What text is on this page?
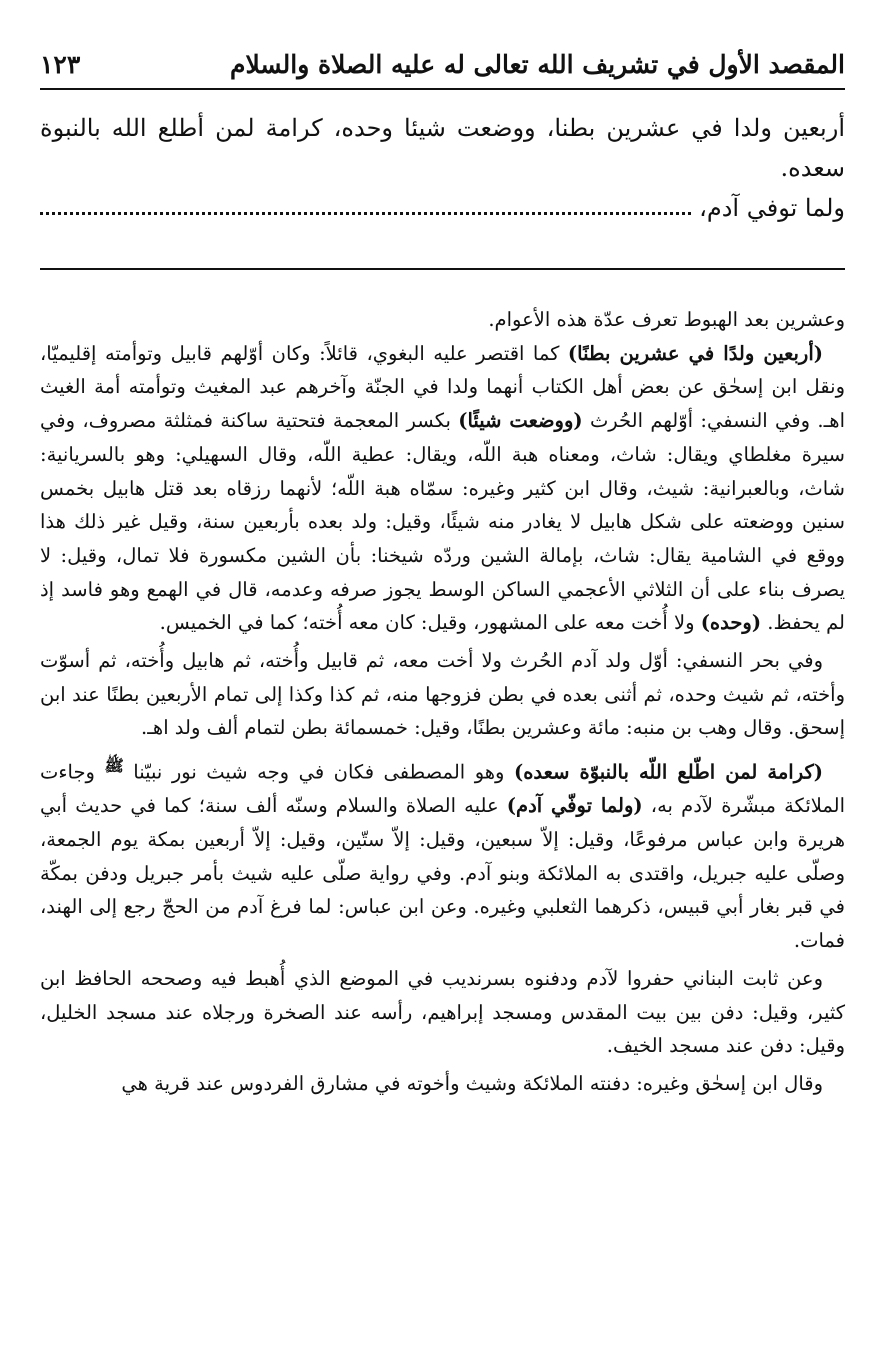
المقصد الأول في تشريف الله تعالى له عليه الصلاة والسلام
١٢٣

أربعين ولدا في عشرين بطنا، ووضعت شيئا وحده، كرامة لمن أطلع الله بالنبوة سعده.

ولما توفي آدم،

وعشرين بعد الهبوط تعرف عدّة هذه الأعوام.

(أربعين ولدًا في عشرين بطنًا) كما اقتصر عليه البغوي، قائلاً: وكان أوّلهم قابيل وتوأمته إقليميّا، ونقل ابن إسحٰق عن بعض أهل الكتاب أنهما ولدا في الجنّة وآخرهم عبد المغيث وتوأمته أمة الغيث اهـ. وفي النسفي: أوّلهم الحُرث (ووضعت شيئًا) بكسر المعجمة فتحتية ساكنة فمثلثة مصروف، وفي سيرة مغلطاي ويقال: شاث، ومعناه هبة اللّه، ويقال: عطية اللّه، وقال السهيلي: وهو بالسريانية: شاث، وبالعبرانية: شيث، وقال ابن كثير وغيره: سمّاه هبة اللّه؛ لأنهما رزقاه بعد قتل هابيل بخمس سنين ووضعته على شكل هابيل لا يغادر منه شيئًا، وقيل: ولد بعده بأربعين سنة، وقيل غير ذلك هذا ووقع في الشامية يقال: شاث، بإمالة الشين وردّه شيخنا: بأن الشين مكسورة فلا تمال، وقيل: لا يصرف بناء على أن الثلاثي الأعجمي الساكن الوسط يجوز صرفه وعدمه، قال في الهمع وهو فاسد إذ لم يحفظ. (وحده) ولا أُخت معه على المشهور، وقيل: كان معه أُخته؛ كما في الخميس.

وفي بحر النسفي: أوّل ولد آدم الحُرث ولا أخت معه، ثم قابيل وأُخته، ثم هابيل وأُخته، ثم أسوّت وأخته، ثم شيث وحده، ثم أثنى بعده في بطن فزوجها منه، ثم كذا وكذا إلى تمام الأربعين بطنًا عند ابن إسحق. وقال وهب بن منبه: مائة وعشرين بطنًا، وقيل: خمسمائة بطن لتمام ألف ولد اهـ.

(كرامة لمن اطّلع اللّه بالنبوّة سعده) وهو المصطفى فكان في وجه شيث نور نبيّنا $^ﷺ$ وجاءت الملائكة مبشّرة لآدم به، (ولما توفّي آدم) عليه الصلاة والسلام وسنّه ألف سنة؛ كما في حديث أبي هريرة وابن عباس مرفوعًا، وقيل: إلاّ سبعين، وقيل: إلاّ ستّين، وقيل: إلاّ أربعين بمكة يوم الجمعة، وصلّى عليه جبريل، واقتدى به الملائكة وبنو آدم. وفي رواية صلّى عليه شيث بأمر جبريل ودفن بمكّة في قبر بغار أبي قبيس، ذكرهما الثعلبي وغيره. وعن ابن عباس: لما فرغ آدم من الحجّ رجع إلى الهند، فمات.

وعن ثابت البناني حفروا لآدم ودفنوه بسرنديب في الموضع الذي أُهبط فيه وصححه الحافظ ابن كثير، وقيل: دفن بين بيت المقدس ومسجد إبراهيم، رأسه عند الصخرة ورجلاه عند مسجد الخليل، وقيل: دفن عند مسجد الخيف.

وقال ابن إسحٰق وغيره: دفنته الملائكة وشيث وأخوته في مشارق الفردوس عند قرية هي
